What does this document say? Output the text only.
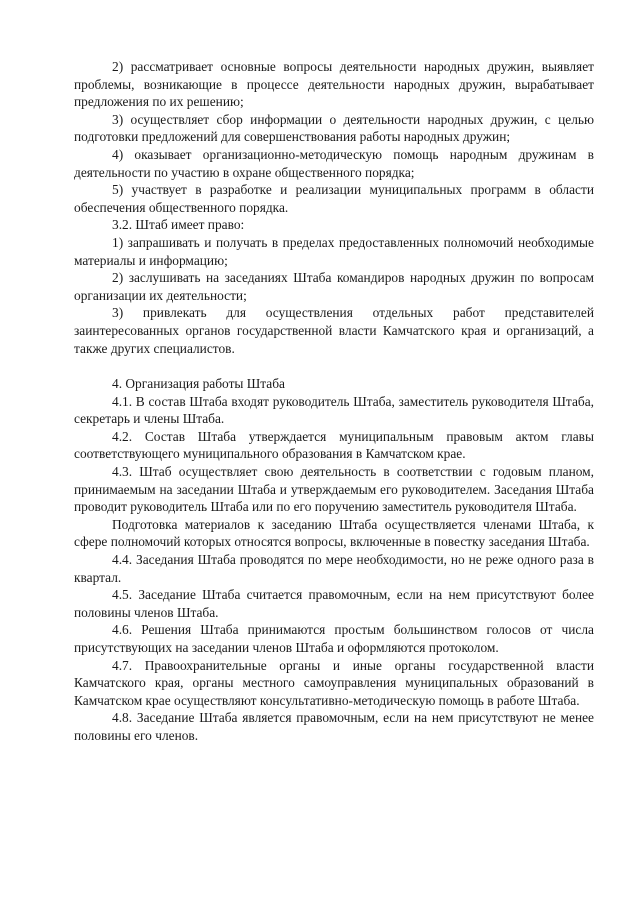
2) рассматривает основные вопросы деятельности народных дружин, выявляет проблемы, возникающие в процессе деятельности народных дружин, вырабатывает предложения по их решению;

3) осуществляет сбор информации о деятельности народных дружин, с целью подготовки предложений для совершенствования работы народных дружин;

4) оказывает организационно-методическую помощь народным дружинам в деятельности по участию в охране общественного порядка;

5) участвует в разработке и реализации муниципальных программ в области обеспечения общественного порядка.

3.2. Штаб имеет право:

1) запрашивать и получать в пределах предоставленных полномочий необходимые материалы и информацию;

2) заслушивать на заседаниях Штаба командиров народных дружин по вопросам организации их деятельности;

3) привлекать для осуществления отдельных работ представителей заинтересованных органов государственной власти Камчатского края и организаций, а также других специалистов.

4. Организация работы Штаба

4.1. В состав Штаба входят руководитель Штаба, заместитель руководителя Штаба, секретарь и члены Штаба.

4.2. Состав Штаба утверждается муниципальным правовым актом главы соответствующего муниципального образования в Камчатском крае.

4.3. Штаб осуществляет свою деятельность в соответствии с годовым планом, принимаемым на заседании Штаба и утверждаемым его руководителем. Заседания Штаба проводит руководитель Штаба или по его поручению заместитель руководителя Штаба.

Подготовка материалов к заседанию Штаба осуществляется членами Штаба, к сфере полномочий которых относятся вопросы, включенные в повестку заседания Штаба.

4.4. Заседания Штаба проводятся по мере необходимости, но не реже одного раза в квартал.

4.5. Заседание Штаба считается правомочным, если на нем присутствуют более половины членов Штаба.

4.6. Решения Штаба принимаются простым большинством голосов от числа присутствующих на заседании членов Штаба и оформляются протоколом.

4.7. Правоохранительные органы и иные органы государственной власти Камчатского края, органы местного самоуправления муниципальных образований в Камчатском крае осуществляют консультативно-методическую помощь в работе Штаба.

4.8. Заседание Штаба является правомочным, если на нем присутствуют не менее половины его членов.
